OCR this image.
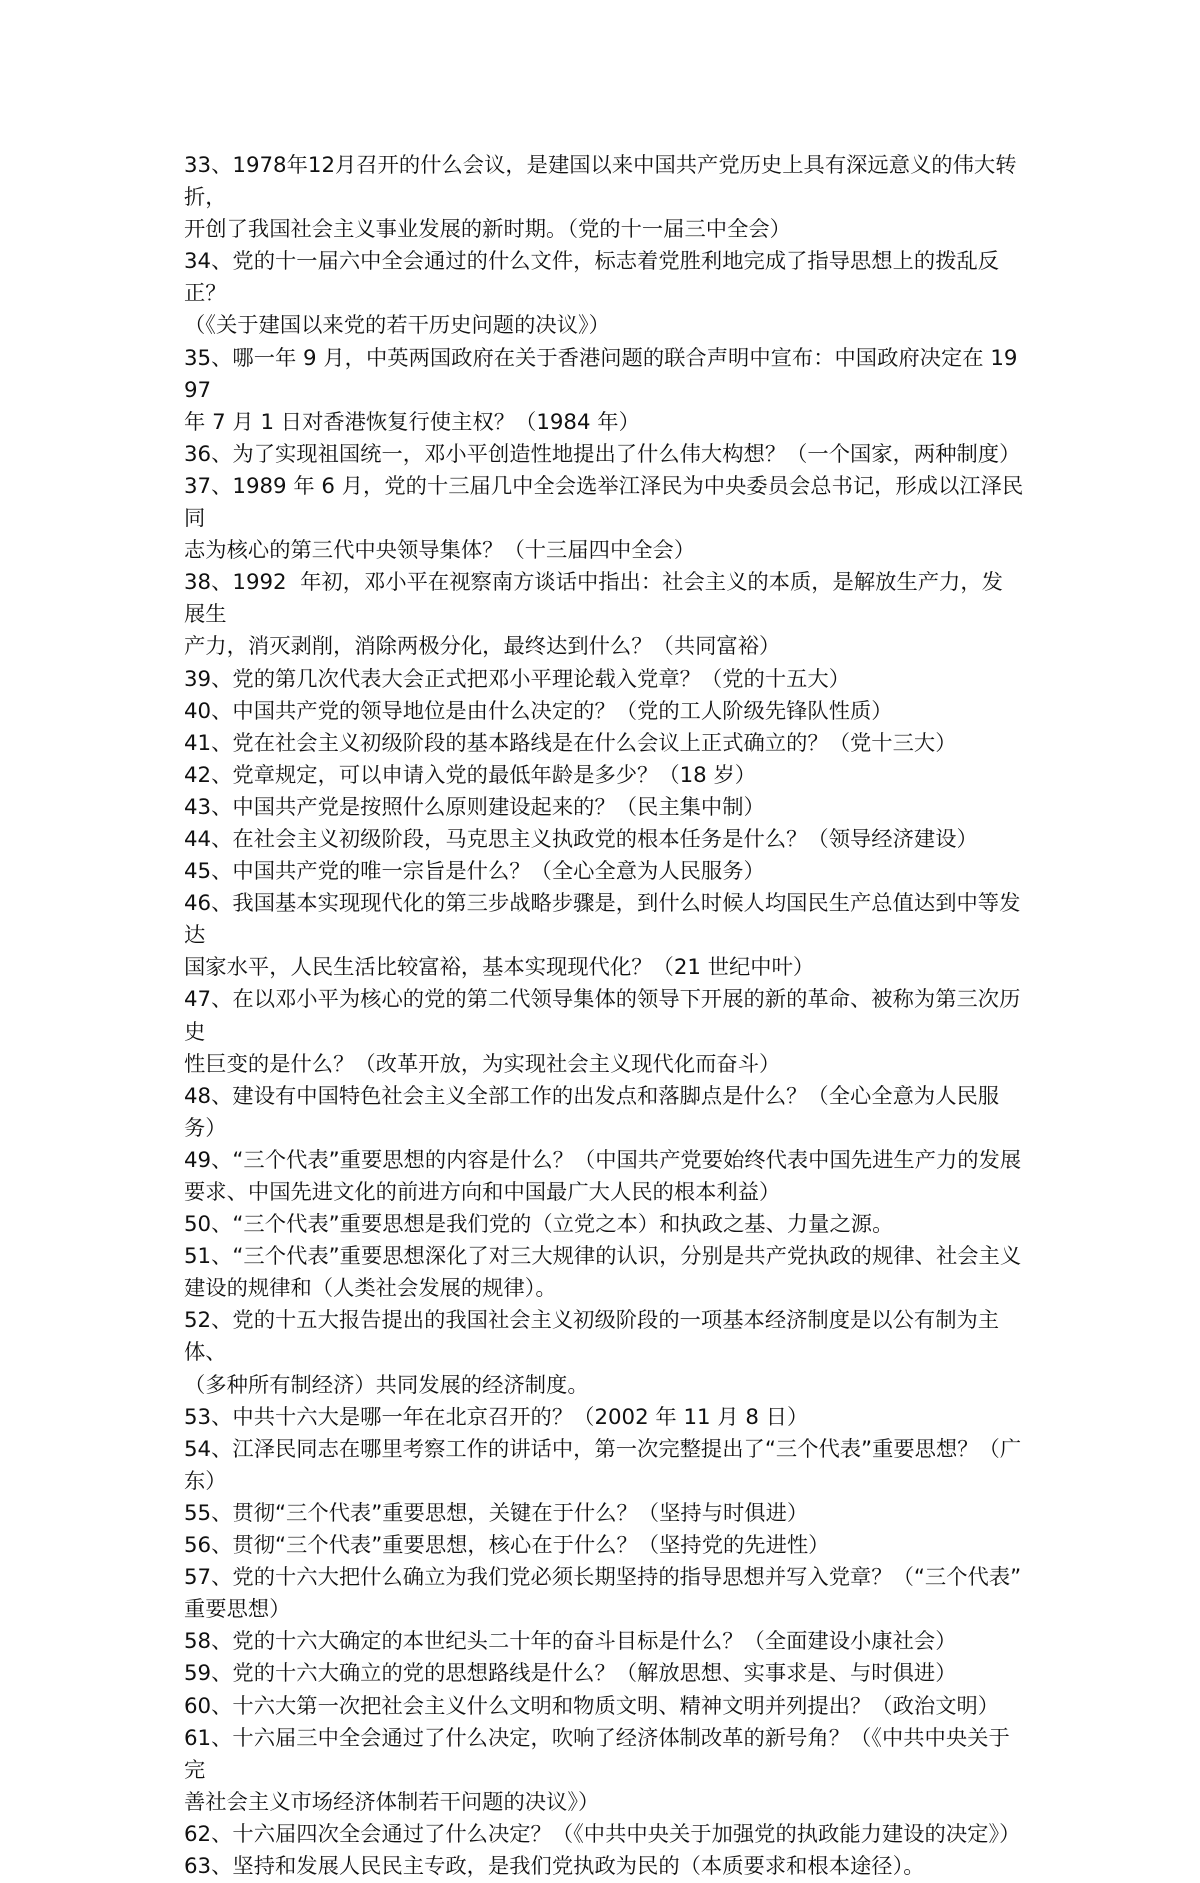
33、1978年12月召开的什么会议，是建国以来中国共产党历史上具有深远意义的伟大转折，
开创了我国社会主义事业发展的新时期。（党的十一届三中全会）

34、党的十一届六中全会通过的什么文件，标志着党胜利地完成了指导思想上的拨乱反正？
（《关于建国以来党的若干历史问题的决议》）

35、哪一年 9 月，中英两国政府在关于香港问题的联合声明中宣布：中国政府决定在 1997
年 7 月 1 日对香港恢复行使主权？（1984 年）

36、为了实现祖国统一，邓小平创造性地提出了什么伟大构想？（一个国家，两种制度）

37、1989 年 6 月，党的十三届几中全会选举江泽民为中央委员会总书记，形成以江泽民同
志为核心的第三代中央领导集体？（十三届四中全会）

38、1992  年初，邓小平在视察南方谈话中指出：社会主义的本质，是解放生产力，发展生
产力，消灭剥削，消除两极分化，最终达到什么？（共同富裕）

39、党的第几次代表大会正式把邓小平理论载入党章？（党的十五大）

40、中国共产党的领导地位是由什么决定的？（党的工人阶级先锋队性质）

41、党在社会主义初级阶段的基本路线是在什么会议上正式确立的？（党十三大）

42、党章规定，可以申请入党的最低年龄是多少？（18 岁）

43、中国共产党是按照什么原则建设起来的？（民主集中制）

44、在社会主义初级阶段，马克思主义执政党的根本任务是什么？（领导经济建设）

45、中国共产党的唯一宗旨是什么？（全心全意为人民服务）

46、我国基本实现现代化的第三步战略步骤是，到什么时候人均国民生产总值达到中等发达
国家水平，人民生活比较富裕，基本实现现代化？（21 世纪中叶）

47、在以邓小平为核心的党的第二代领导集体的领导下开展的新的革命、被称为第三次历史
性巨变的是什么？（改革开放，为实现社会主义现代化而奋斗）

48、建设有中国特色社会主义全部工作的出发点和落脚点是什么？（全心全意为人民服务）

49、“三个代表”重要思想的内容是什么？（中国共产党要始终代表中国先进生产力的发展
要求、中国先进文化的前进方向和中国最广大人民的根本利益）

50、“三个代表”重要思想是我们党的（立党之本）和执政之基、力量之源。

51、“三个代表”重要思想深化了对三大规律的认识，分别是共产党执政的规律、社会主义
建设的规律和（人类社会发展的规律）。

52、党的十五大报告提出的我国社会主义初级阶段的一项基本经济制度是以公有制为主体、
（多种所有制经济）共同发展的经济制度。

53、中共十六大是哪一年在北京召开的？（2002 年 11 月 8 日）

54、江泽民同志在哪里考察工作的讲话中，第一次完整提出了“三个代表”重要思想？（广
东）

55、贯彻“三个代表”重要思想，关键在于什么？（坚持与时俱进）

56、贯彻“三个代表”重要思想，核心在于什么？（坚持党的先进性）

57、党的十六大把什么确立为我们党必须长期坚持的指导思想并写入党章？（“三个代表”
重要思想）

58、党的十六大确定的本世纪头二十年的奋斗目标是什么？（全面建设小康社会）

59、党的十六大确立的党的思想路线是什么？（解放思想、实事求是、与时俱进）

60、十六大第一次把社会主义什么文明和物质文明、精神文明并列提出？（政治文明）

61、十六届三中全会通过了什么决定，吹响了经济体制改革的新号角？（《中共中央关于完
善社会主义市场经济体制若干问题的决议》）

62、十六届四次全会通过了什么决定？（《中共中央关于加强党的执政能力建设的决定》）

63、坚持和发展人民民主专政，是我们党执政为民的（本质要求和根本途径）。
